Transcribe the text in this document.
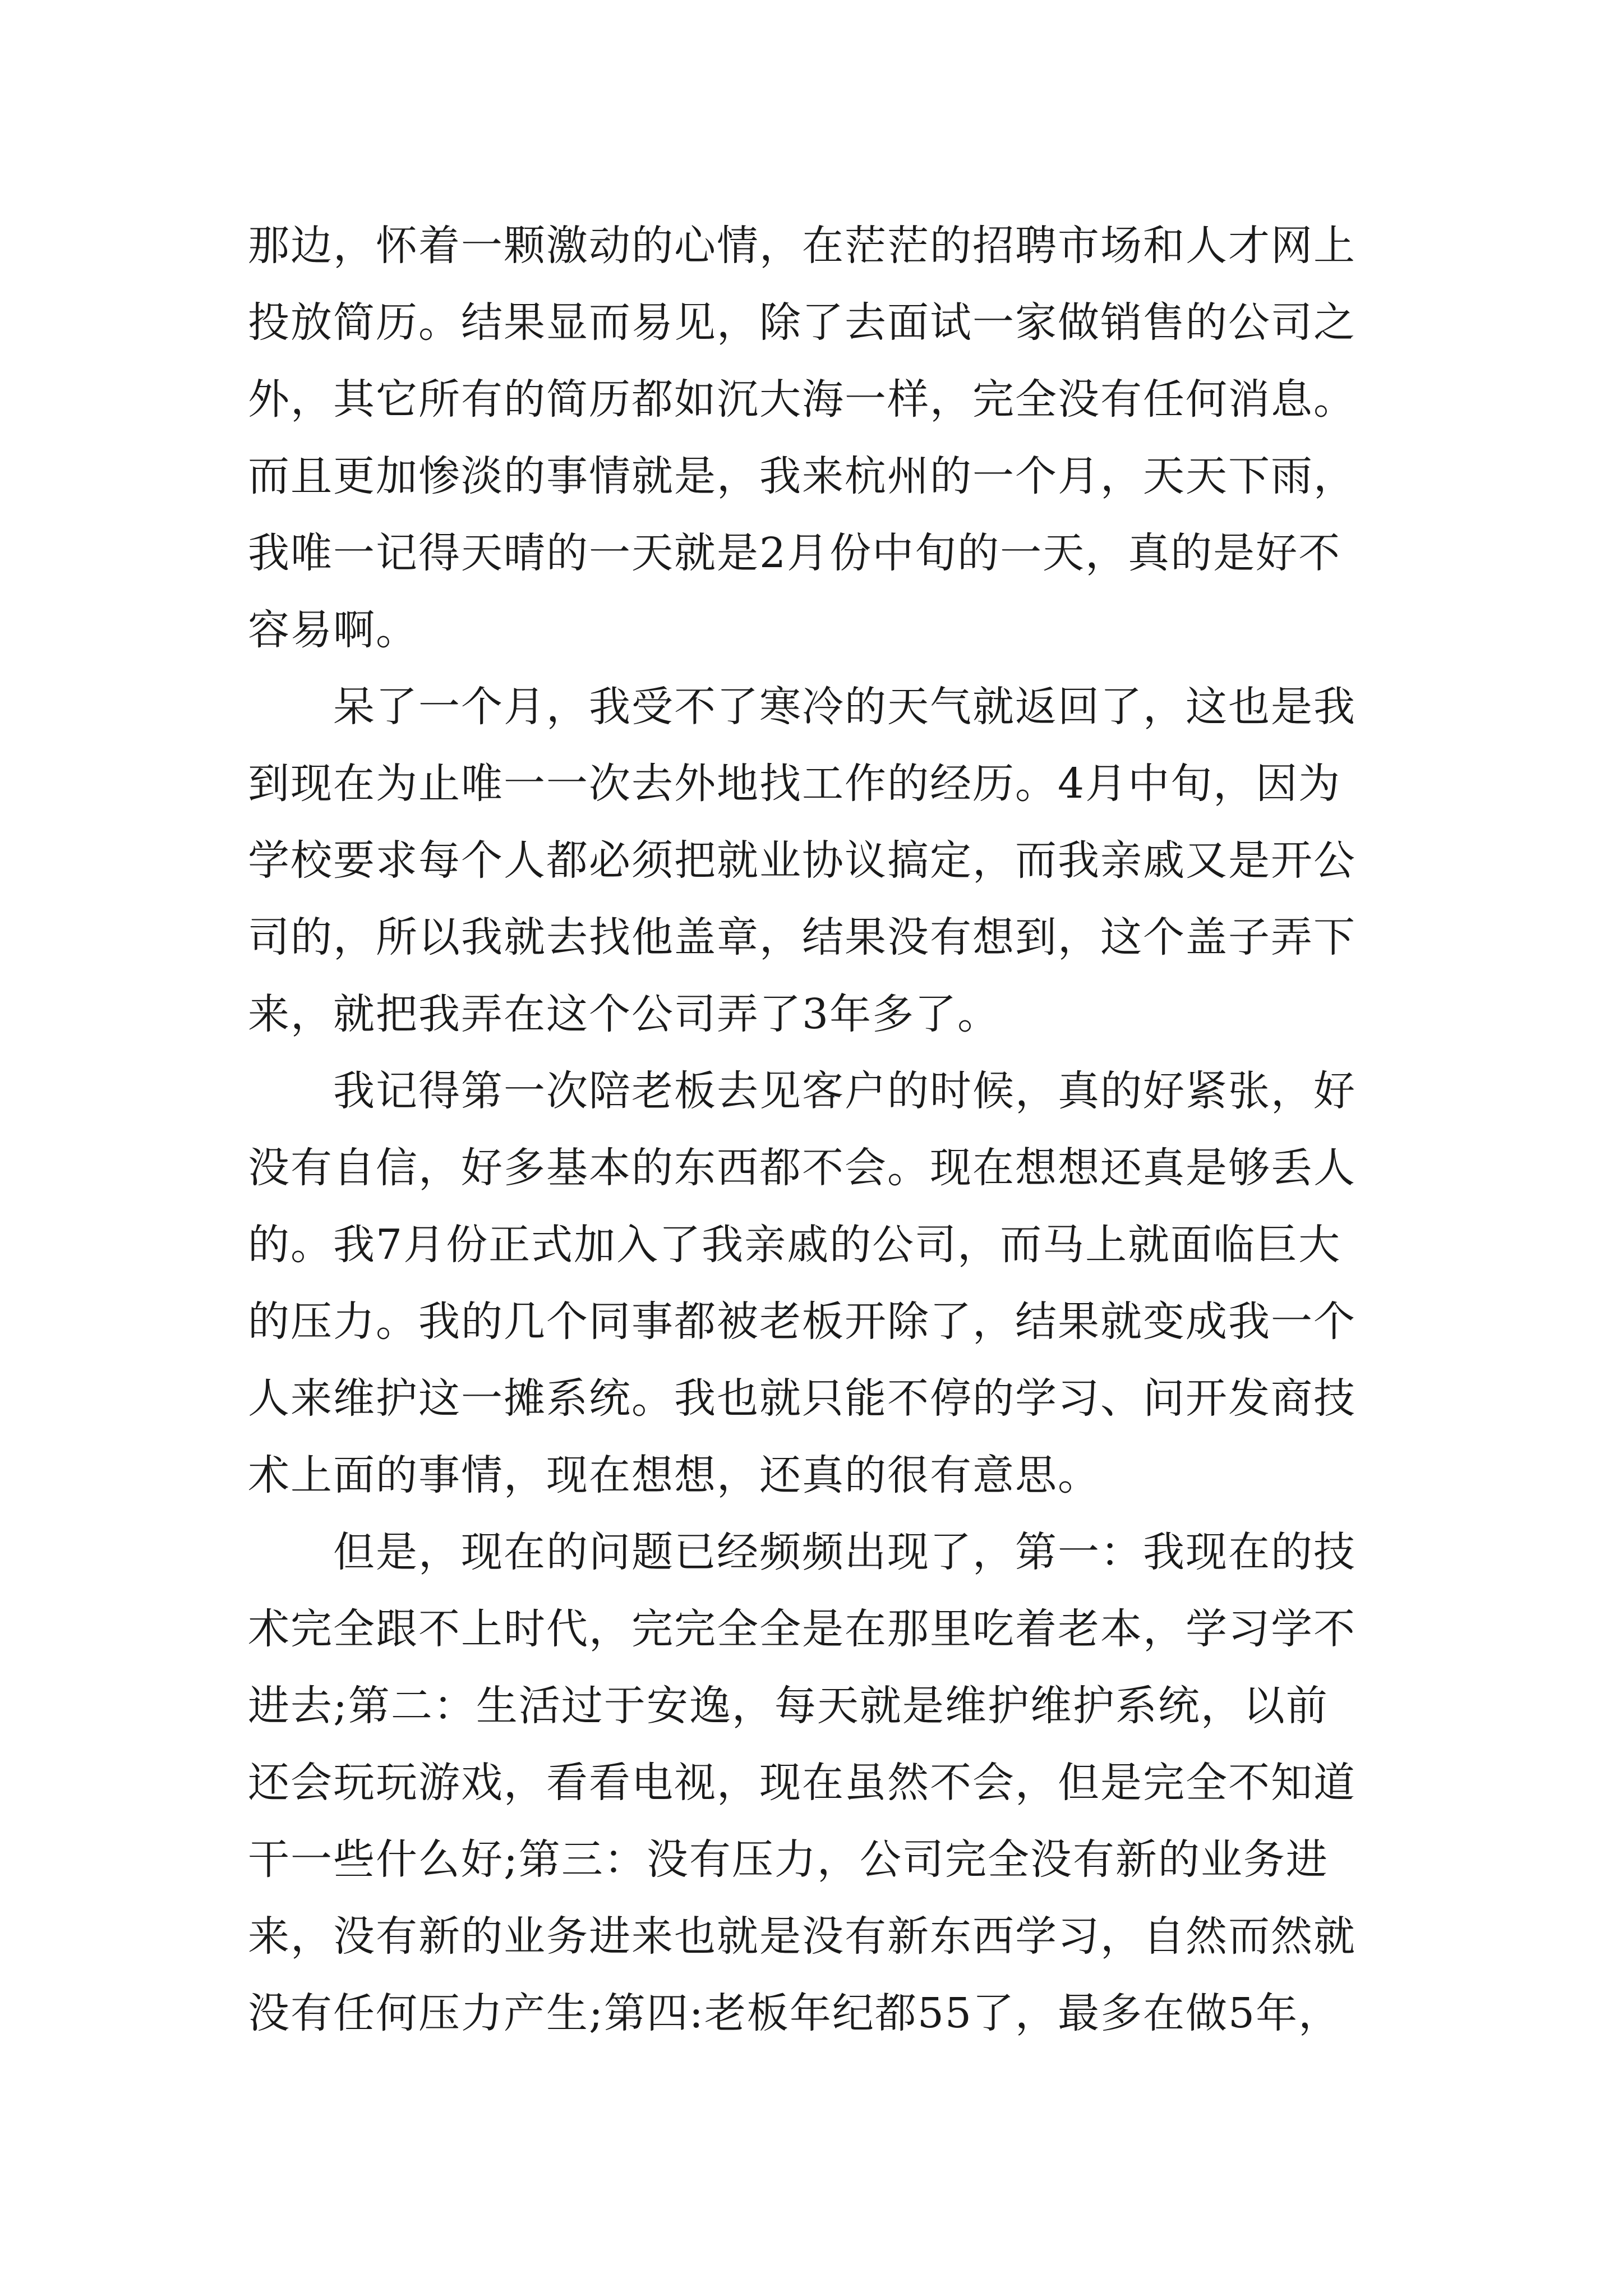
那边，怀着一颗激动的心情，在茫茫的招聘市场和人才网上
投放简历。结果显而易见，除了去面试一家做销售的公司之
外，其它所有的简历都如沉大海一样，完全没有任何消息。
而且更加惨淡的事情就是，我来杭州的一个月，天天下雨，
我唯一记得天晴的一天就是2月份中旬的一天，真的是好不
容易啊。
　　呆了一个月，我受不了寒冷的天气就返回了，这也是我
到现在为止唯一一次去外地找工作的经历。4月中旬，因为
学校要求每个人都必须把就业协议搞定，而我亲戚又是开公
司的，所以我就去找他盖章，结果没有想到，这个盖子弄下
来，就把我弄在这个公司弄了3年多了。
　　我记得第一次陪老板去见客户的时候，真的好紧张，好
没有自信，好多基本的东西都不会。现在想想还真是够丢人
的。我7月份正式加入了我亲戚的公司，而马上就面临巨大
的压力。我的几个同事都被老板开除了，结果就变成我一个
人来维护这一摊系统。我也就只能不停的学习、问开发商技
术上面的事情，现在想想，还真的很有意思。
　　但是，现在的问题已经频频出现了，第一：我现在的技
术完全跟不上时代，完完全全是在那里吃着老本，学习学不
进去;第二：生活过于安逸，每天就是维护维护系统，以前
还会玩玩游戏，看看电视，现在虽然不会，但是完全不知道
干一些什么好;第三：没有压力，公司完全没有新的业务进
来，没有新的业务进来也就是没有新东西学习，自然而然就
没有任何压力产生;第四:老板年纪都55了，最多在做5年，
